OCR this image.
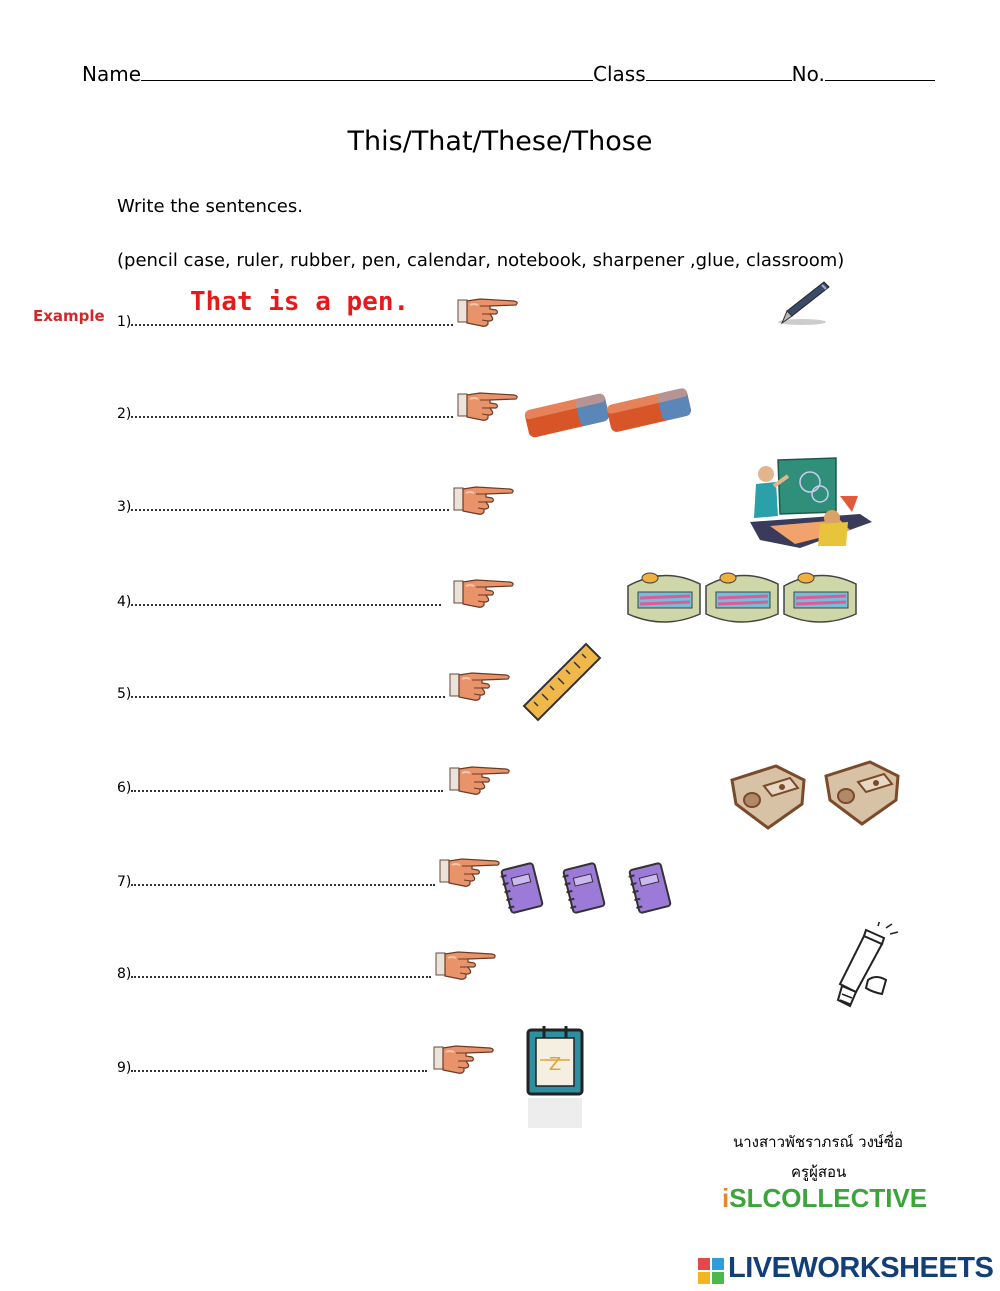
Name	Class	No.
This/That/These/Those
Write the sentences.
(pencil case, ruler, rubber, pen, calendar, notebook, sharpener ,glue, classroom)
Example	That is a pen.
1)
2)
3)
4)
5)
6)
7)
8)
9)	Z
นางสาวพัชราภรณ์ วงษ์ซื่อ
ครูผู้สอน
iSLCOLLECTIVE
LIVEWORKSHEETS
